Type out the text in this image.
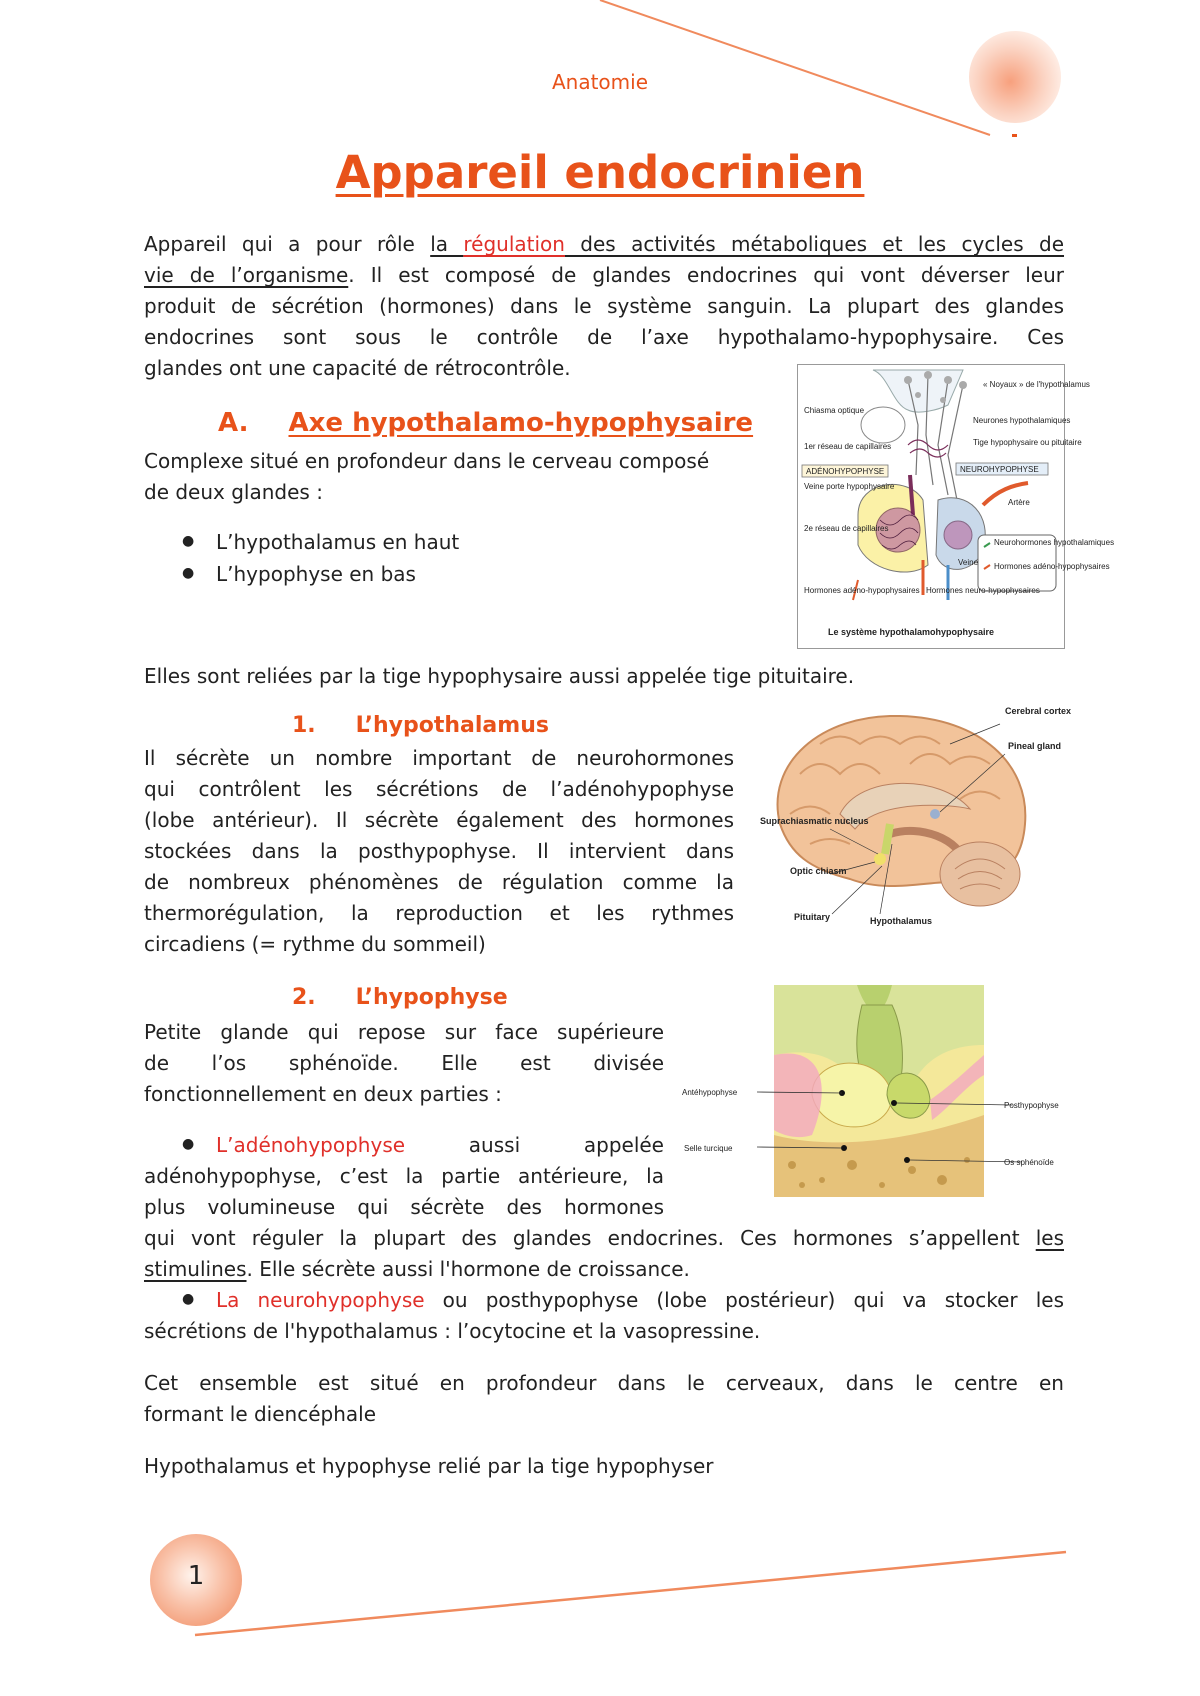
Anatomie
Appareil endocrinien

Appareil qui a pour rôle la régulation des activités métaboliques et les cycles de

vie de l’organisme. Il est composé de glandes endocrines qui vont déverser leur

produit de sécrétion (hormones) dans le système sanguin. La plupart des glandes

endocrines sont sous le contrôle de l’axe hypothalamo-hypophysaire. Ces

glandes ont une capacité de rétrocontrôle.

A. Axe hypothalamo-hypophysaire

Complexe situé en profondeur dans le cerveau composé

de deux glandes :

● L’hypothalamus en haut

● L’hypophyse en bas

Neurohormones hypothalamiques
Hormones adéno-hypophysaires
« Noyaux » de l'hypothalamus
Chiasma optique
Neurones hypothalamiques
1er réseau de capillaires	Tige hypophysaire ou pituitaire
ADÉNOHYPOPHYSE	NEUROHYPOPHYSE
Veine porte hypophysaire
Artère
2e réseau de capillaires
Veine
Hormones adéno-hypophysaires Hormones neuro-hypophysaires
Le système hypothalamohypophysaire

Elles sont reliées par la tige hypophysaire aussi appelée tige pituitaire.

1. L’hypothalamus

Il sécrète un nombre important de neurohormones

qui contrôlent les sécrétions de l’adénohypophyse

(lobe antérieur). Il sécrète également des hormones

stockées dans la posthypophyse. Il intervient dans

de nombreux phénomènes de régulation comme la

thermorégulation, la reproduction et les rythmes

circadiens (= rythme du sommeil)

Cerebral cortex
Pineal gland
Suprachiasmatic nucleus
Optic chiasm
Pituitary	Hypothalamus
2. L’hypophyse

Petite glande qui repose sur face supérieure

de l’os sphénoïde. Elle est divisée

fonctionnellement en deux parties :

● L’adénohypophyse aussi appelée

adénohypophyse, c’est la partie antérieure, la

plus volumineuse qui sécrète des hormones

qui vont réguler la plupart des glandes endocrines. Ces hormones s’appellent les

stimulines. Elle sécrète aussi l'hormone de croissance.

● La neurohypophyse ou posthypophyse (lobe postérieur) qui va stocker les

sécrétions de l'hypothalamus : l’ocytocine et la vasopressine.

Cet ensemble est situé en profondeur dans le cerveaux, dans le centre en

formant le diencéphale

Hypothalamus et hypophyse relié par la tige hypophyser

Antéhypophyse
Posthypophyse
Selle turcique
Os sphénoïde
1
